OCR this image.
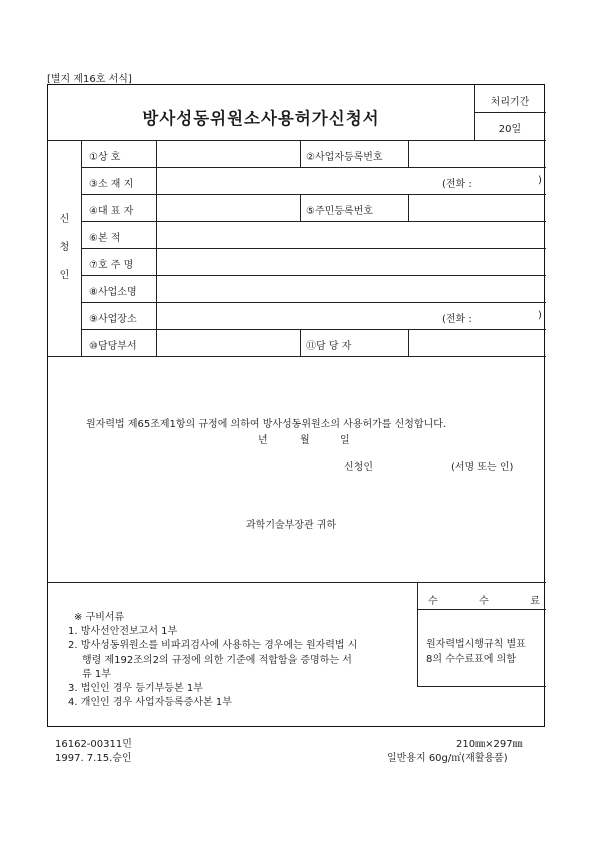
[별지 제16호 서식]
방사성동위원소사용허가신청서
처리기간
20일
신
청
인
①상 호	②사업자등록번호
③소 재 지	(전화 :	)
④대 표 자	⑤주민등록번호
⑥본 적
⑦호 주 명
⑧사업소명
⑨사업장소	(전화 :	)
⑩담당부서	⑪담 당 자
원자력법 제65조제1항의 규정에 의하여 방사성동위원소의 사용허가를 신청합니다.
년	월	일
신청인	(서명 또는 인)
과학기술부장관 귀하
※ 구비서류
1. 방사선안전보고서 1부
2. 방사성동위원소를 비파괴검사에 사용하는 경우에는 원자력법 시
행령 제192조의2의 규정에 의한 기준에 적합함을 증명하는 서
류 1부
3. 법인인 경우 등기부등본 1부
4. 개인인 경우 사업자등록증사본 1부
수	수	료
원자력법시행규칙 별표
8의 수수료표에 의함
16162-00311민
1997. 7.15.승인
210㎜×297㎜
일반용지 60g/㎡(재활용품)
